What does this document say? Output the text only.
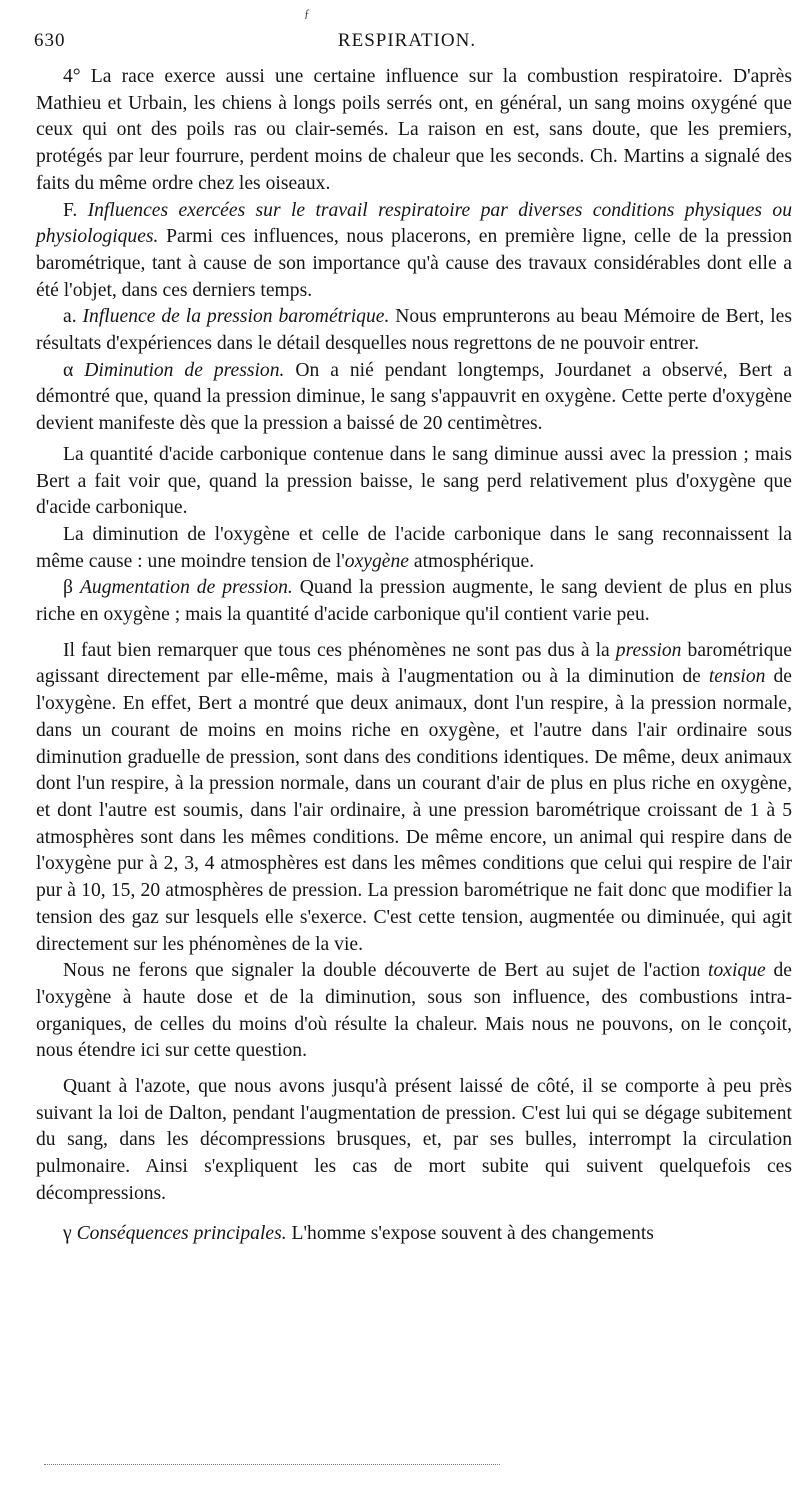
ƒ
630	RESPIRATION.

4° La race exerce aussi une certaine influence sur la combustion respiratoire. D'après Mathieu et Urbain, les chiens à longs poils serrés ont, en général, un sang moins oxygéné que ceux qui ont des poils ras ou clair-semés. La raison en est, sans doute, que les premiers, protégés par leur fourrure, perdent moins de chaleur que les seconds. Ch. Martins a signalé des faits du même ordre chez les oiseaux.

F. Influences exercées sur le travail respiratoire par diverses conditions physiques ou physiologiques. Parmi ces influences, nous placerons, en première ligne, celle de la pression barométrique, tant à cause de son importance qu'à cause des travaux considérables dont elle a été l'objet, dans ces derniers temps.

a. Influence de la pression barométrique. Nous emprunterons au beau Mémoire de Bert, les résultats d'expériences dans le détail desquelles nous regrettons de ne pouvoir entrer.

α Diminution de pression. On a nié pendant longtemps, Jourdanet a observé, Bert a démontré que, quand la pression diminue, le sang s'appauvrit en oxygène. Cette perte d'oxygène devient manifeste dès que la pression a baissé de 20 centimètres.

La quantité d'acide carbonique contenue dans le sang diminue aussi avec la pression ; mais Bert a fait voir que, quand la pression baisse, le sang perd relativement plus d'oxygène que d'acide carbonique.

La diminution de l'oxygène et celle de l'acide carbonique dans le sang reconnaissent la même cause : une moindre tension de l'oxygène atmosphérique.

β Augmentation de pression. Quand la pression augmente, le sang devient de plus en plus riche en oxygène ; mais la quantité d'acide carbonique qu'il contient varie peu.

Il faut bien remarquer que tous ces phénomènes ne sont pas dus à la pression barométrique agissant directement par elle-même, mais à l'augmentation ou à la diminution de tension de l'oxygène. En effet, Bert a montré que deux animaux, dont l'un respire, à la pression normale, dans un courant de moins en moins riche en oxygène, et l'autre dans l'air ordinaire sous diminution graduelle de pression, sont dans des conditions identiques. De même, deux animaux dont l'un respire, à la pression normale, dans un courant d'air de plus en plus riche en oxygène, et dont l'autre est soumis, dans l'air ordinaire, à une pression barométrique croissant de 1 à 5 atmosphères sont dans les mêmes conditions. De même encore, un animal qui respire dans de l'oxygène pur à 2, 3, 4 atmosphères est dans les mêmes conditions que celui qui respire de l'air pur à 10, 15, 20 atmosphères de pression. La pression barométrique ne fait donc que modifier la tension des gaz sur lesquels elle s'exerce. C'est cette tension, augmentée ou diminuée, qui agit directement sur les phénomènes de la vie.

Nous ne ferons que signaler la double découverte de Bert au sujet de l'action toxique de l'oxygène à haute dose et de la diminution, sous son influence, des combustions intra-organiques, de celles du moins d'où résulte la chaleur. Mais nous ne pouvons, on le conçoit, nous étendre ici sur cette question.

Quant à l'azote, que nous avons jusqu'à présent laissé de côté, il se comporte à peu près suivant la loi de Dalton, pendant l'augmentation de pression. C'est lui qui se dégage subitement du sang, dans les décompressions brusques, et, par ses bulles, interrompt la circulation pulmonaire. Ainsi s'expliquent les cas de mort subite qui suivent quelquefois ces décompressions.

γ Conséquences principales. L'homme s'expose souvent à des changements
